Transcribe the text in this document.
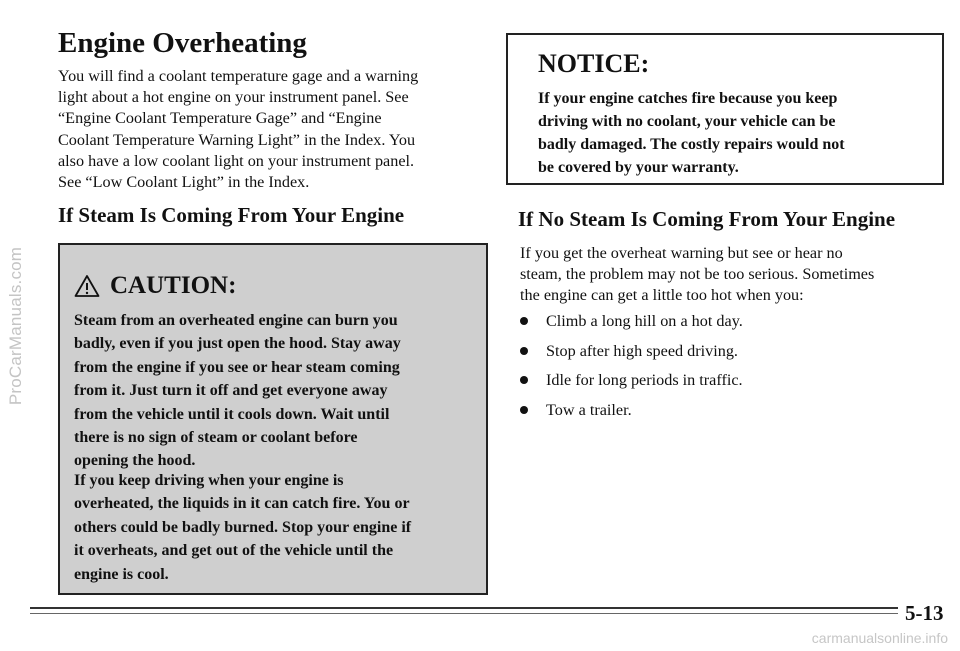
ProCarManuals.com
Engine Overheating

You will find a coolant temperature gage and a warning
light about a hot engine on your instrument panel. See
“Engine Coolant Temperature Gage” and “Engine
Coolant Temperature Warning Light” in the Index. You
also have a low coolant light on your instrument panel.
See “Low Coolant Light” in the Index.

If Steam Is Coming From Your Engine
CAUTION:
Steam from an overheated engine can burn you
badly, even if you just open the hood. Stay away
from the engine if you see or hear steam coming
from it. Just turn it off and get everyone away
from the vehicle until it cools down. Wait until
there is no sign of steam or coolant before
opening the hood.
If you keep driving when your engine is
overheated, the liquids in it can catch fire. You or
others could be badly burned. Stop your engine if
it overheats, and get out of the vehicle until the
engine is cool.
NOTICE:
If your engine catches fire because you keep
driving with no coolant, your vehicle can be
badly damaged. The costly repairs would not
be covered by your warranty.
If No Steam Is Coming From Your Engine

If you get the overheat warning but see or hear no
steam, the problem may not be too serious. Sometimes
the engine can get a little too hot when you:

Climb a long hill on a hot day.
Stop after high speed driving.
Idle for long periods in traffic.
Tow a trailer.
5-13
carmanualsonline.info
